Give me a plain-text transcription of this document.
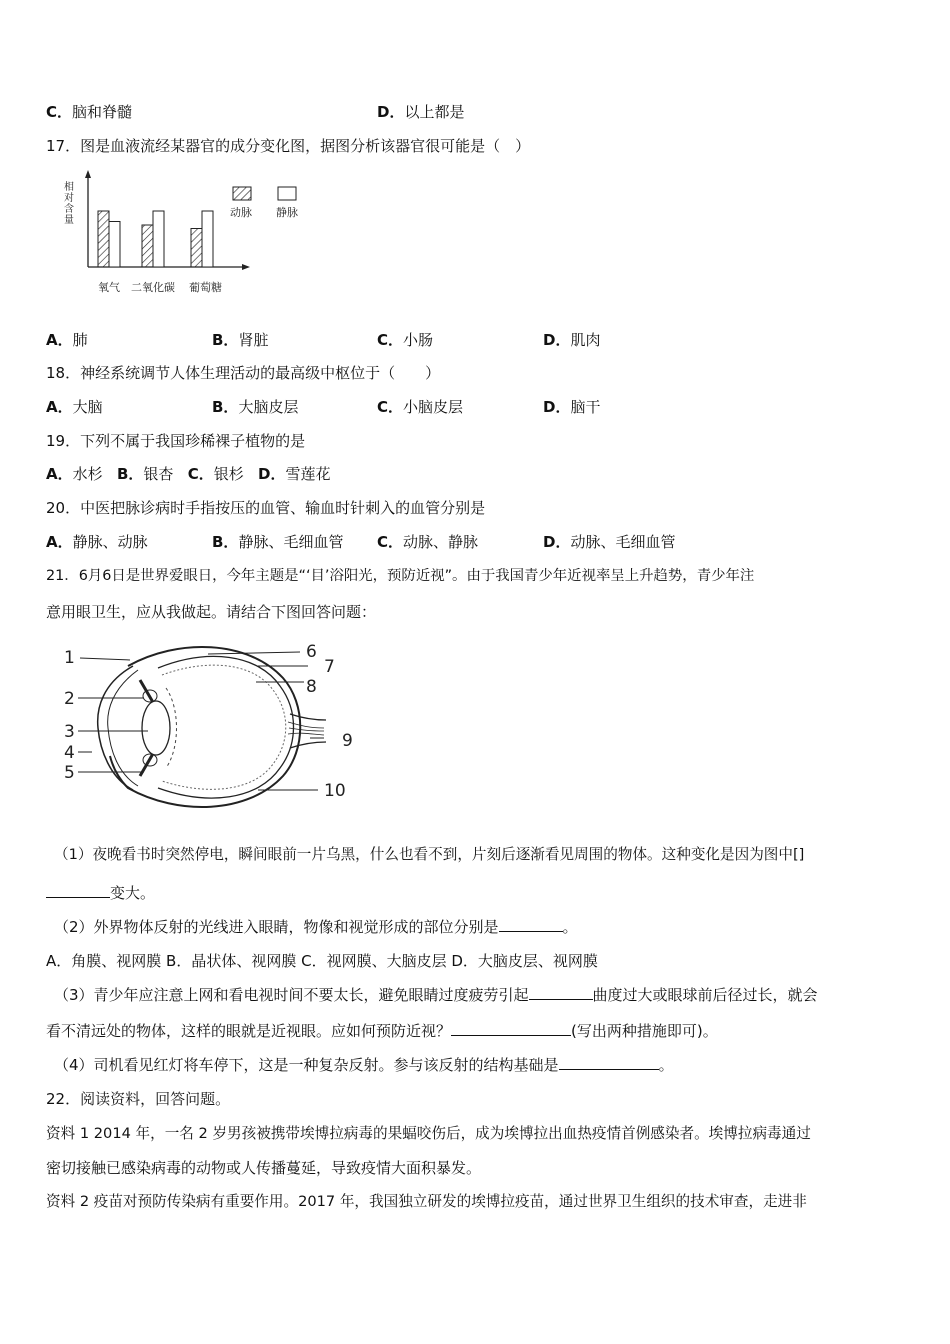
C．脑和脊髓	D．以上都是
17．图是血液流经某器官的成分变化图，据图分析该器官很可能是（　）
相
对
含
量
氧气 二氧化碳 葡萄糖
动脉 静脉
A．肺	B．肾脏	C．小肠	D．肌肉
18．神经系统调节人体生理活动的最高级中枢位于（　　）
A．大脑	B．大脑皮层	C．小脑皮层	D．脑干
19．下列不属于我国珍稀裸子植物的是
A．水杉 B．银杏 C．银杉 D．雪莲花
20．中医把脉诊病时手指按压的血管、输血时针刺入的血管分别是
A．静脉、动脉	B．静脉、毛细血管 C．动脉、静脉	D．动脉、毛细血管
21．6月6日是世界爱眼日，今年主题是“‘目’浴阳光，预防近视”。由于我国青少年近视率呈上升趋势，青少年注
意用眼卫生，应从我做起。请结合下图回答问题：
1
2
3
4
5
6
7
8
9
10
（1）夜晚看书时突然停电，瞬间眼前一片乌黑，什么也看不到，片刻后逐渐看见周围的物体。这种变化是因为图中[]
变大。
（2）外界物体反射的光线进入眼睛，物像和视觉形成的部位分别是	。
A．角膜、视网膜 B．晶状体、视网膜 C．视网膜、大脑皮层 D．大脑皮层、视网膜
（3）青少年应注意上网和看电视时间不要太长，避免眼睛过度疲劳引起	曲度过大或眼球前后径过长，就会
看不清远处的物体，这样的眼就是近视眼。应如何预防近视？	(写出两种措施即可)。
（4）司机看见红灯将车停下，这是一种复杂反射。参与该反射的结构基础是	。
22．阅读资料，回答问题。
资料 1 2014 年，一名 2 岁男孩被携带埃博拉病毒的果蝠咬伤后，成为埃博拉出血热疫情首例感染者。埃博拉病毒通过
密切接触已感染病毒的动物或人传播蔓延，导致疫情大面积暴发。
资料 2 疫苗对预防传染病有重要作用。2017 年，我国独立研发的埃博拉疫苗，通过世界卫生组织的技术审查，走进非
